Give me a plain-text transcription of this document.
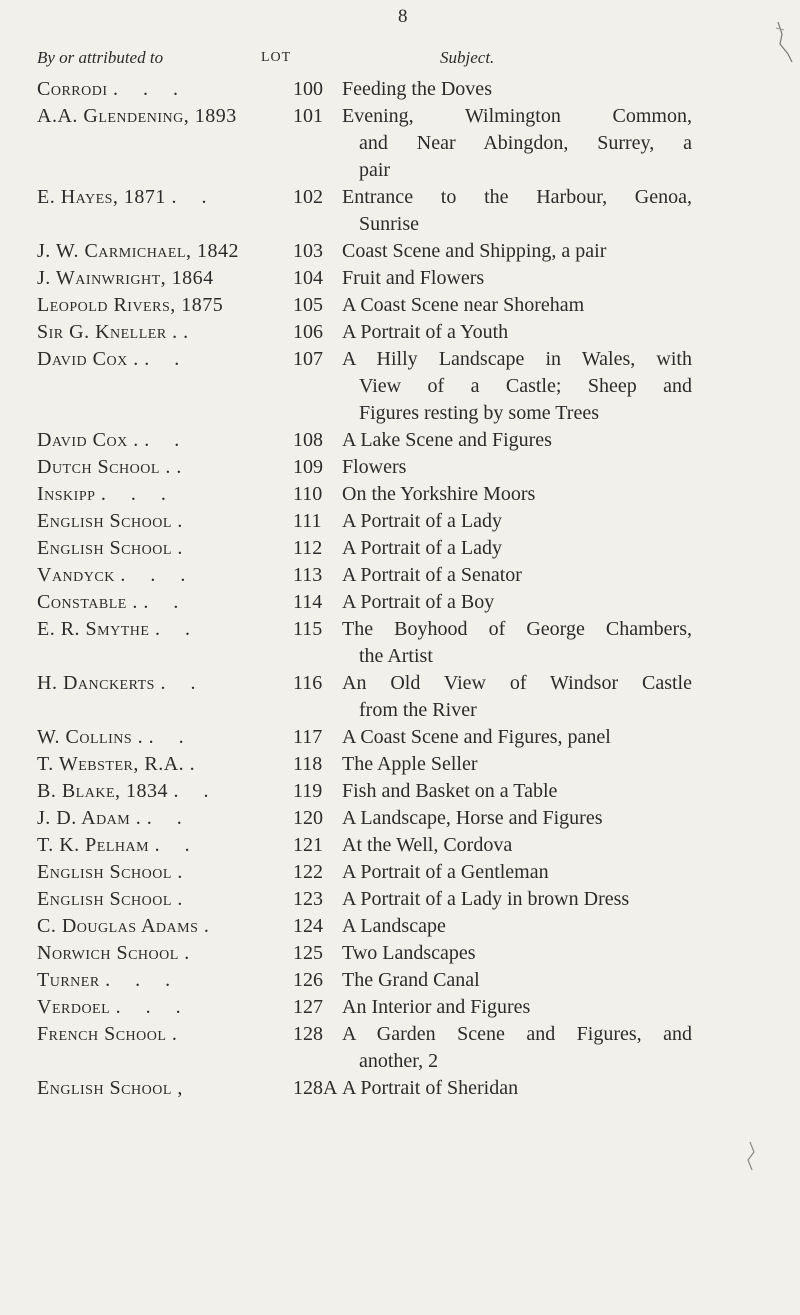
8
By or attributed to	LOT	Subject.
Corrodi . . .	100 Feeding the Doves
A.A. Glendening, 1893	101 Evening, Wilmington Common,
and Near Abingdon, Surrey, a
pair
E. Hayes, 1871 . .	102 Entrance to the Harbour, Genoa,
Sunrise
J. W. Carmichael, 1842	103 Coast Scene and Shipping, a pair
J. Wainwright, 1864	104 Fruit and Flowers
Leopold Rivers, 1875	105 A Coast Scene near Shoreham
Sir G. Kneller . .	106 A Portrait of a Youth
David Cox . . .	107 A Hilly Landscape in Wales, with
View of a Castle; Sheep and
Figures resting by some Trees
David Cox . . .	108 A Lake Scene and Figures
Dutch School . .	109 Flowers
Inskipp . . .	110 On the Yorkshire Moors
English School .	111	A Portrait of a Lady
English School .	112 A Portrait of a Lady
Vandyck . . .	113 A Portrait of a Senator
Constable . . .	114 A Portrait of a Boy
E. R. Smythe . .	115 The Boyhood of George Chambers,
the Artist
H. Danckerts . .	116 An Old View of Windsor Castle
from the River
W. Collins . . .	117 A Coast Scene and Figures, panel
T. Webster, R.A. .	118 The Apple Seller
B. Blake, 1834 . .	119 Fish and Basket on a Table
J. D. Adam . . .	120 A Landscape, Horse and Figures
T. K. Pelham . .	121 At the Well, Cordova
English School .	122 A Portrait of a Gentleman
English School .	123 A Portrait of a Lady in brown Dress
C. Douglas Adams .	124 A Landscape
Norwich School .	125 Two Landscapes
Turner . . .	126 The Grand Canal
Verdoel . . .	127 An Interior and Figures
French School .	128 A Garden Scene and Figures, and
another, 2
English School ,	128A A Portrait of Sheridan
